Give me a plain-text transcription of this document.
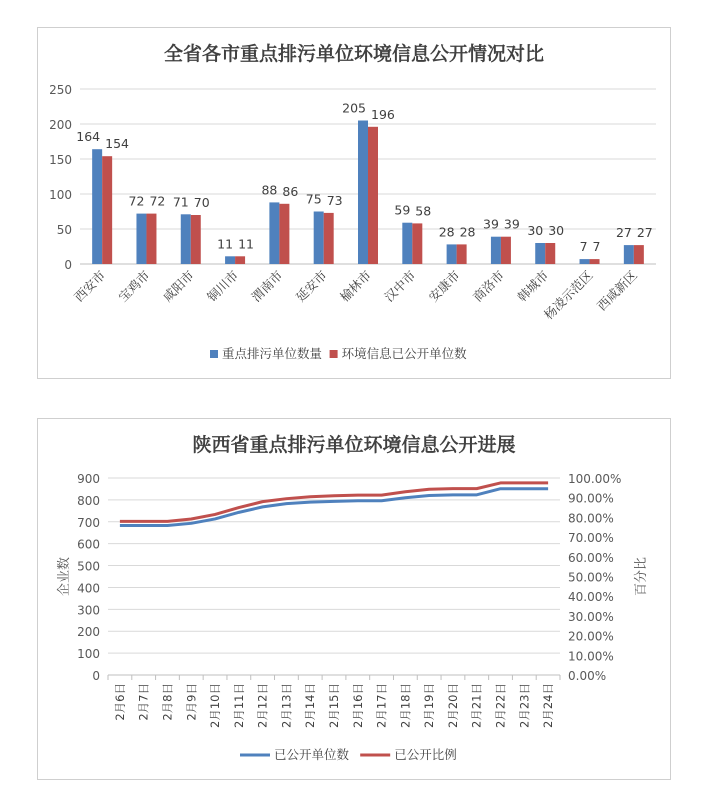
全省各市重点排污单位环境信息公开情况对比
0
50
100
150
200
250
164 154
西安市
72 72
宝鸡市
71 70
咸阳市
11 11
铜川市
88 86
渭南市
75 73
延安市
205 196
榆林市
59 58
汉中市
28 28
安康市
39 39
商洛市
30 30
韩城市
7 7
杨凌示范区
27 27
西咸新区
重点排污单位数量 环境信息已公开单位数
陕西省重点排污单位环境信息公开进展
0
100
200
300
400
500
600
700
800
900
0.00%
10.00%
20.00%
30.00%
40.00%
50.00%
60.00%
70.00%
80.00%
90.00%
100.00%
企业数	百分比
2月6日 2月7日 2月8日 2月9日 2月10日 2月11日 2月12日 2月13日 2月14日 2月15日 2月16日 2月17日 2月18日 2月19日 2月20日 2月21日 2月22日 2月23日 2月24日
已公开单位数	已公开比例
